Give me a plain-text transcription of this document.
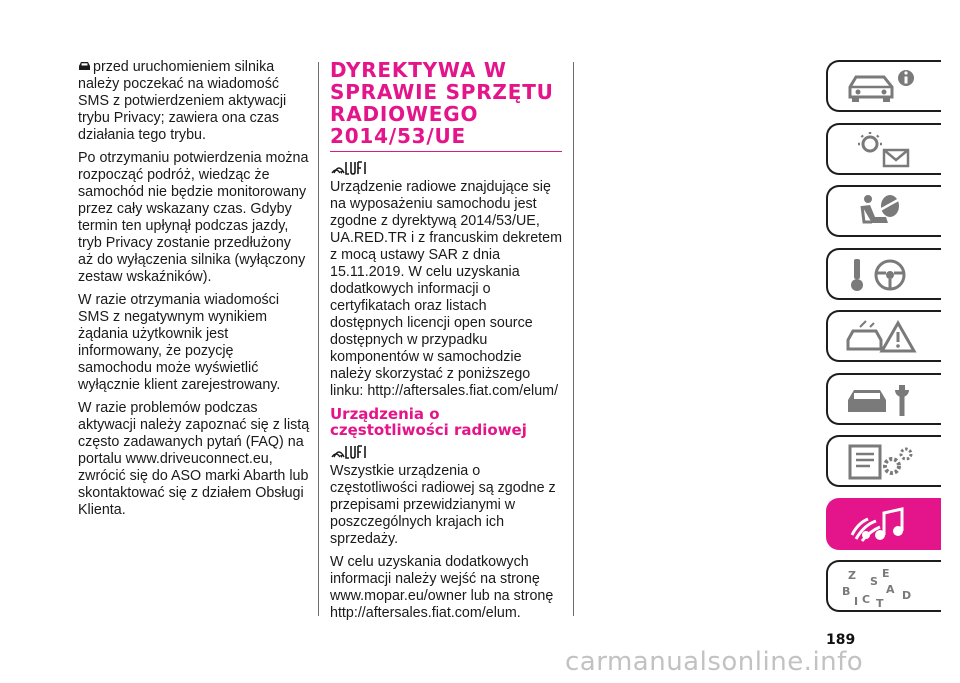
przed uruchomieniem silnika należy poczekać na wiadomość SMS z potwierdzeniem aktywacji trybu Privacy; zawiera ona czas działania tego trybu.

Po otrzymaniu potwierdzenia można rozpocząć podróż, wiedząc że samochód nie będzie monitorowany przez cały wskazany czas. Gdyby termin ten upłynął podczas jazdy, tryb Privacy zostanie przedłużony aż do wyłączenia silnika (wyłączony zestaw wskaźników).

W razie otrzymania wiadomości SMS z negatywnym wynikiem żądania użytkownik jest informowany, że pozycję samochodu może wyświetlić wyłącznie klient zarejestrowany.

W razie problemów podczas aktywacji należy zapoznać się z listą często zadawanych pytań (FAQ) na portalu www.driveuconnect.eu, zwrócić się do ASO marki Abarth lub skontaktować się z działem Obsługi Klienta.

DYREKTYWA W
SPRAWIE SPRZĘTU
RADIOWEGO
2014/53/UE

Urządzenie radiowe znajdujące się na wyposażeniu samochodu jest zgodne z dyrektywą 2014/53/UE, UA.RED.TR i z francuskim dekretem z mocą ustawy SAR z dnia 15.11.2019. W celu uzyskania dodatkowych informacji o certyfikatach oraz listach dostępnych licencji open source dostępnych w przypadku komponentów w samochodzie należy skorzystać z poniższego linku: http://aftersales.fiat.com/elum/

Urządzenia o
częstotliwości radiowej

Wszystkie urządzenia o częstotliwości radiowej są zgodne z przepisami przewidzianymi w poszczególnych krajach ich sprzedaży.

W celu uzyskania dodatkowych informacji należy wejść na stronę www.mopar.eu/owner lub na stronę http://aftersales.fiat.com/elum.

Z E
B	A
C	D
T
S
I
189
carmanualsonline.info
